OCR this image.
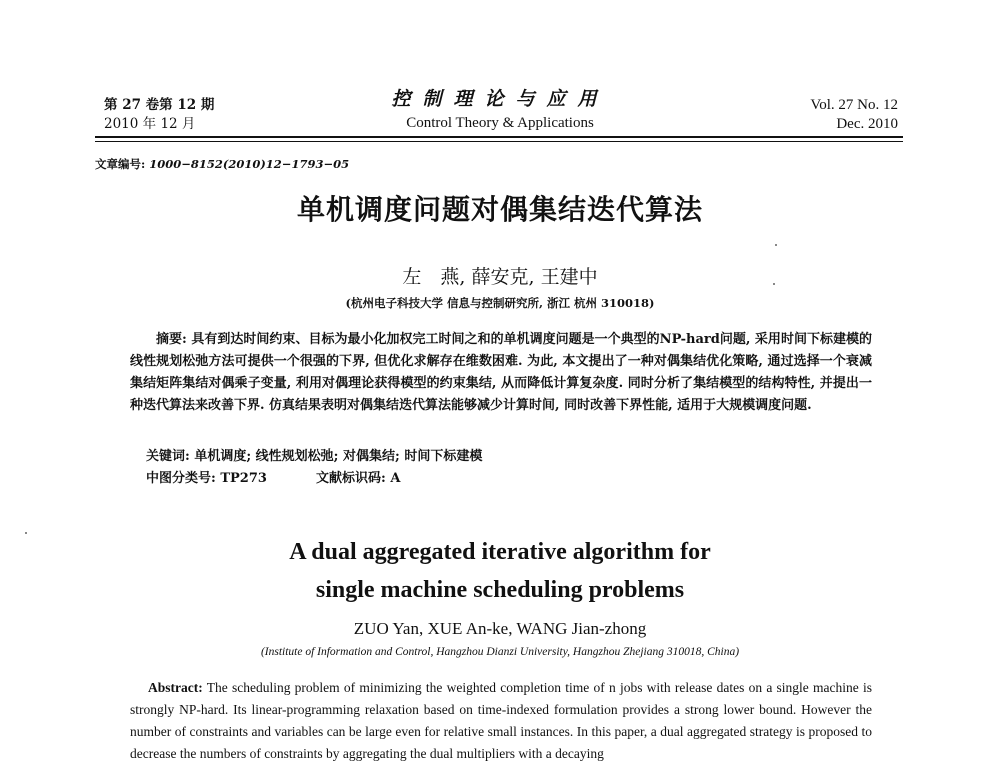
第 27 卷第 12 期
2010 年 12 月
控制理论与应用
Control Theory & Applications
Vol. 27 No. 12
Dec. 2010
文章编号: 1000−8152(2010)12−1793−05
单机调度问题对偶集结迭代算法
左　燕, 薛安克, 王建中
(杭州电子科技大学 信息与控制研究所, 浙江 杭州 310018)
摘要: 具有到达时间约束、目标为最小化加权完工时间之和的单机调度问题是一个典型的NP-hard问题, 采用时间下标建模的线性规划松弛方法可提供一个很强的下界, 但优化求解存在维数困难. 为此, 本文提出了一种对偶集结优化策略, 通过选择一个衰减集结矩阵集结对偶乘子变量, 利用对偶理论获得模型的约束集结, 从而降低计算复杂度. 同时分析了集结模型的结构特性, 并提出一种迭代算法来改善下界. 仿真结果表明对偶集结迭代算法能够减少计算时间, 同时改善下界性能, 适用于大规模调度问题.
关键词: 单机调度; 线性规划松弛; 对偶集结; 时间下标建模
中图分类号: TP273	文献标识码: A
A dual aggregated iterative algorithm for
single machine scheduling problems
ZUO Yan, XUE An-ke, WANG Jian-zhong
(Institute of Information and Control, Hangzhou Dianzi University, Hangzhou Zhejiang 310018, China)
Abstract: The scheduling problem of minimizing the weighted completion time of n jobs with release dates on a single machine is strongly NP-hard. Its linear-programming relaxation based on time-indexed formulation provides a strong lower bound. However the number of constraints and variables can be large even for relative small instances. In this paper, a dual aggregated strategy is proposed to decrease the numbers of constraints by aggregating the dual multipliers with a decaying
